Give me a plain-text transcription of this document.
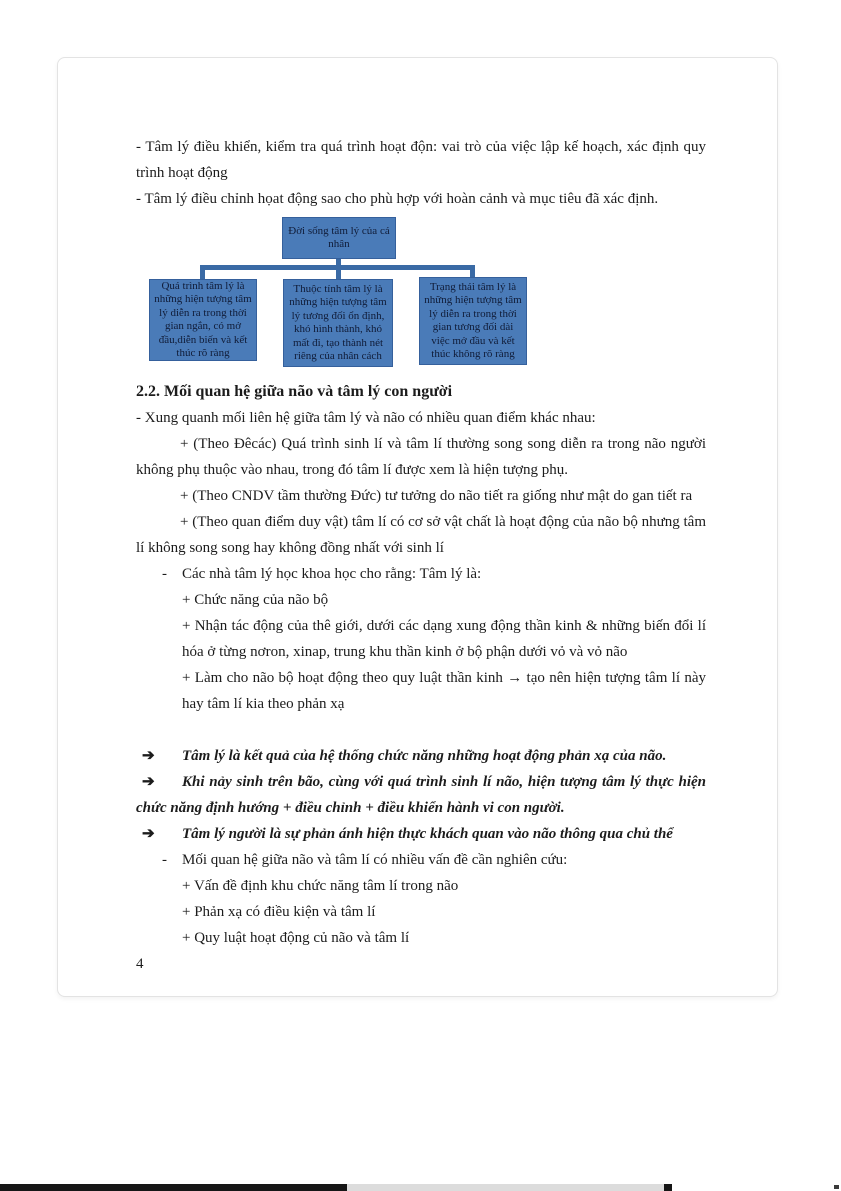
- Tâm lý điều khiển, kiểm tra quá trình hoạt độn: vai trò của việc lập kế hoạch, xác định quy trình hoạt động

- Tâm lý điều chỉnh họat động sao cho phù hợp với hoàn cảnh và mục tiêu đã xác định.

Đời sống tâm lý của cá nhân
Quá trình tâm lý là những hiện tượng tâm lý diễn ra trong thời gian ngắn, có mở đầu,diễn biến và kết thúc rõ ràng
Thuộc tính tâm lý là những hiện tượng tâm lý tương đối ổn định, khó hình thành, khó mất đi, tạo thành nét riêng của nhân cách
Trạng thái tâm lý là những hiện tượng tâm lý diễn ra trong thời gian tương đối dài việc mở đầu và kết thúc không rõ ràng

2.2. Mối quan hệ giữa não và tâm lý con người

- Xung quanh mối liên hệ giữa tâm lý và não có nhiều quan điểm khác nhau:

+ (Theo Đêcác) Quá trình sinh lí và tâm lí thường song song diễn ra trong não người không phụ thuộc vào nhau, trong đó tâm lí được xem là hiện tượng phụ.

+ (Theo CNDV tầm thường Đức) tư tưởng do não tiết ra giống như mật do gan tiết ra

+ (Theo quan điểm duy vật) tâm lí có cơ sở vật chất là hoạt động của não bộ nhưng tâm lí không song song hay không đồng nhất với sinh lí

-	Các nhà tâm lý học khoa học cho rằng: Tâm lý là:

+ Chức năng của não bộ

+ Nhận tác động của thê giới, dưới các dạng xung động thần kinh & những biến đổi lí hóa ở từng nơron, xinap, trung khu thần kinh ở bộ phận dưới vỏ và vỏ não

+ Làm cho não bộ hoạt động theo quy luật thần kinh → tạo nên hiện tượng tâm lí này hay tâm lí kia theo phản xạ

➔ Tâm lý là kết quả của hệ thống chức năng những hoạt động phản xạ của não.

➔ Khi nảy sinh trên bão, cùng với quá trình sinh lí não, hiện tượng tâm lý thực hiện chức năng định hướng + điều chỉnh + điều khiển hành vi con người.

➔ Tâm lý người là sự phản ánh hiện thực khách quan vào não thông qua chủ thể

-	Mối quan hệ giữa não và tâm lí có nhiều vấn đề cần nghiên cứu:

+ Vấn đề định khu chức năng tâm lí trong não

+ Phản xạ có điều kiện và tâm lí

+ Quy luật hoạt động củ não và tâm lí

4
